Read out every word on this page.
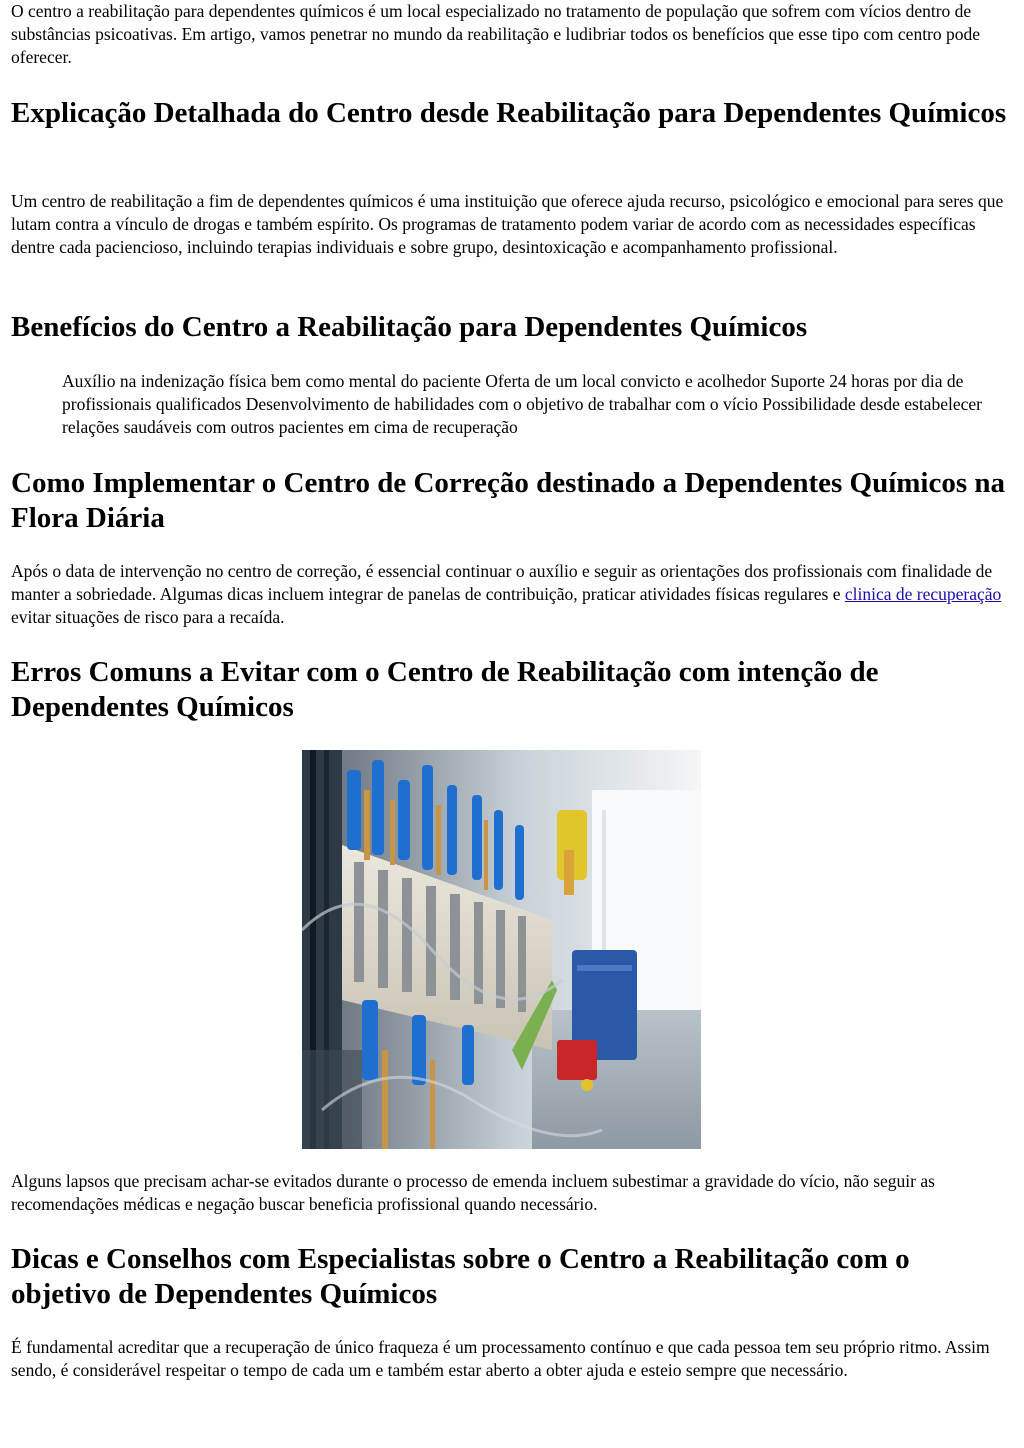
O centro a reabilitação para dependentes químicos é um local especializado no tratamento de população que sofrem com vícios dentro de substâncias psicoativas. Em artigo, vamos penetrar no mundo da reabilitação e ludibriar todos os benefícios que esse tipo com centro pode oferecer.

Explicação Detalhada do Centro desde Reabilitação para Dependentes Químicos

Um centro de reabilitação a fim de dependentes químicos é uma instituição que oferece ajuda recurso, psicológico e emocional para seres que lutam contra a vínculo de drogas e também espírito. Os programas de tratamento podem variar de acordo com as necessidades específicas dentre cada paciencioso, incluindo terapias individuais e sobre grupo, desintoxicação e acompanhamento profissional.

Benefícios do Centro a Reabilitação para Dependentes Químicos

Auxílio na indenização física bem como mental do paciente Oferta de um local convicto e acolhedor Suporte 24 horas por dia de profissionais qualificados Desenvolvimento de habilidades com o objetivo de trabalhar com o vício Possibilidade desde estabelecer relações saudáveis com outros pacientes em cima de recuperação

Como Implementar o Centro de Correção destinado a Dependentes Químicos na Flora Diária

Após o data de intervenção no centro de correção, é essencial continuar o auxílio e seguir as orientações dos profissionais com finalidade de manter a sobriedade. Algumas dicas incluem integrar de panelas de contribuição, praticar atividades físicas regulares e clinica de recuperação evitar situações de risco para a recaída.

Erros Comuns a Evitar com o Centro de Reabilitação com intenção de Dependentes Químicos

Alguns lapsos que precisam achar-se evitados durante o processo de emenda incluem subestimar a gravidade do vício, não seguir as recomendações médicas e negação buscar beneficia profissional quando necessário.

Dicas e Conselhos com Especialistas sobre o Centro a Reabilitação com o objetivo de Dependentes Químicos

É fundamental acreditar que a recuperação de único fraqueza é um processamento contínuo e que cada pessoa tem seu próprio ritmo. Assim sendo, é considerável respeitar o tempo de cada um e também estar aberto a obter ajuda e esteio sempre que necessário.
